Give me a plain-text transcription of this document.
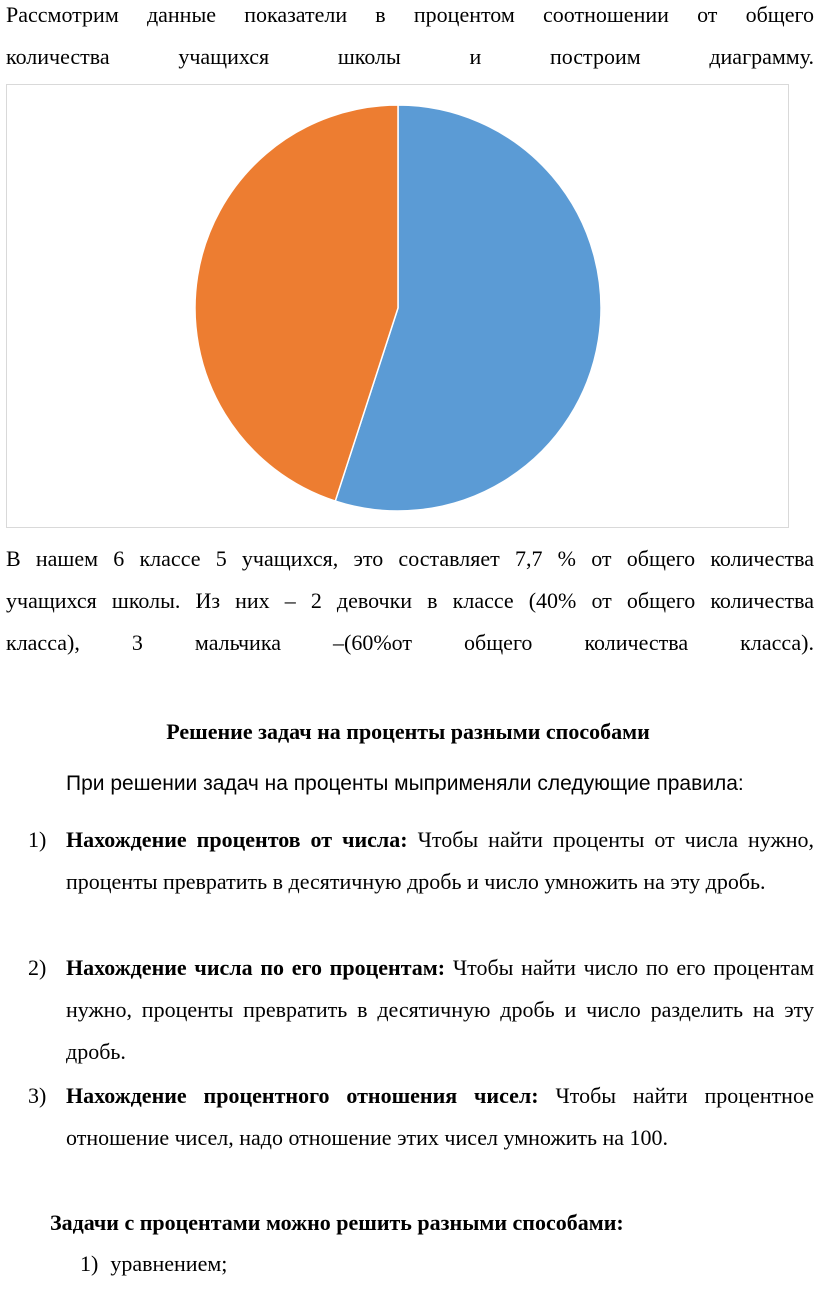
Рассмотрим данные показатели в процентом соотношении от общего
количества учащихся школы и построим диаграмму.

В нашем 6 классе 5 учащихся, это составляет 7,7 % от общего количества
учащихся школы. Из них – 2 девочки в классе (40% от общего количества
класса), 3 мальчика –(60%от общего количества класса).

Решение задач на проценты разными способами
При решении задач на проценты мыприменяли следующие правила:
1) Нахождение процентов от числа: Чтобы найти проценты от числа нужно, проценты превратить в десятичную дробь и число умножить на эту дробь.
2) Нахождение числа по его процентам: Чтобы найти число по его процентам нужно, проценты превратить в десятичную дробь и число разделить на эту дробь.
3) Нахождение процентного отношения чисел: Чтобы найти процентное отношение чисел, надо отношение этих чисел умножить на 100.
Задачи с процентами можно решить разными способами:
1) уравнением;
